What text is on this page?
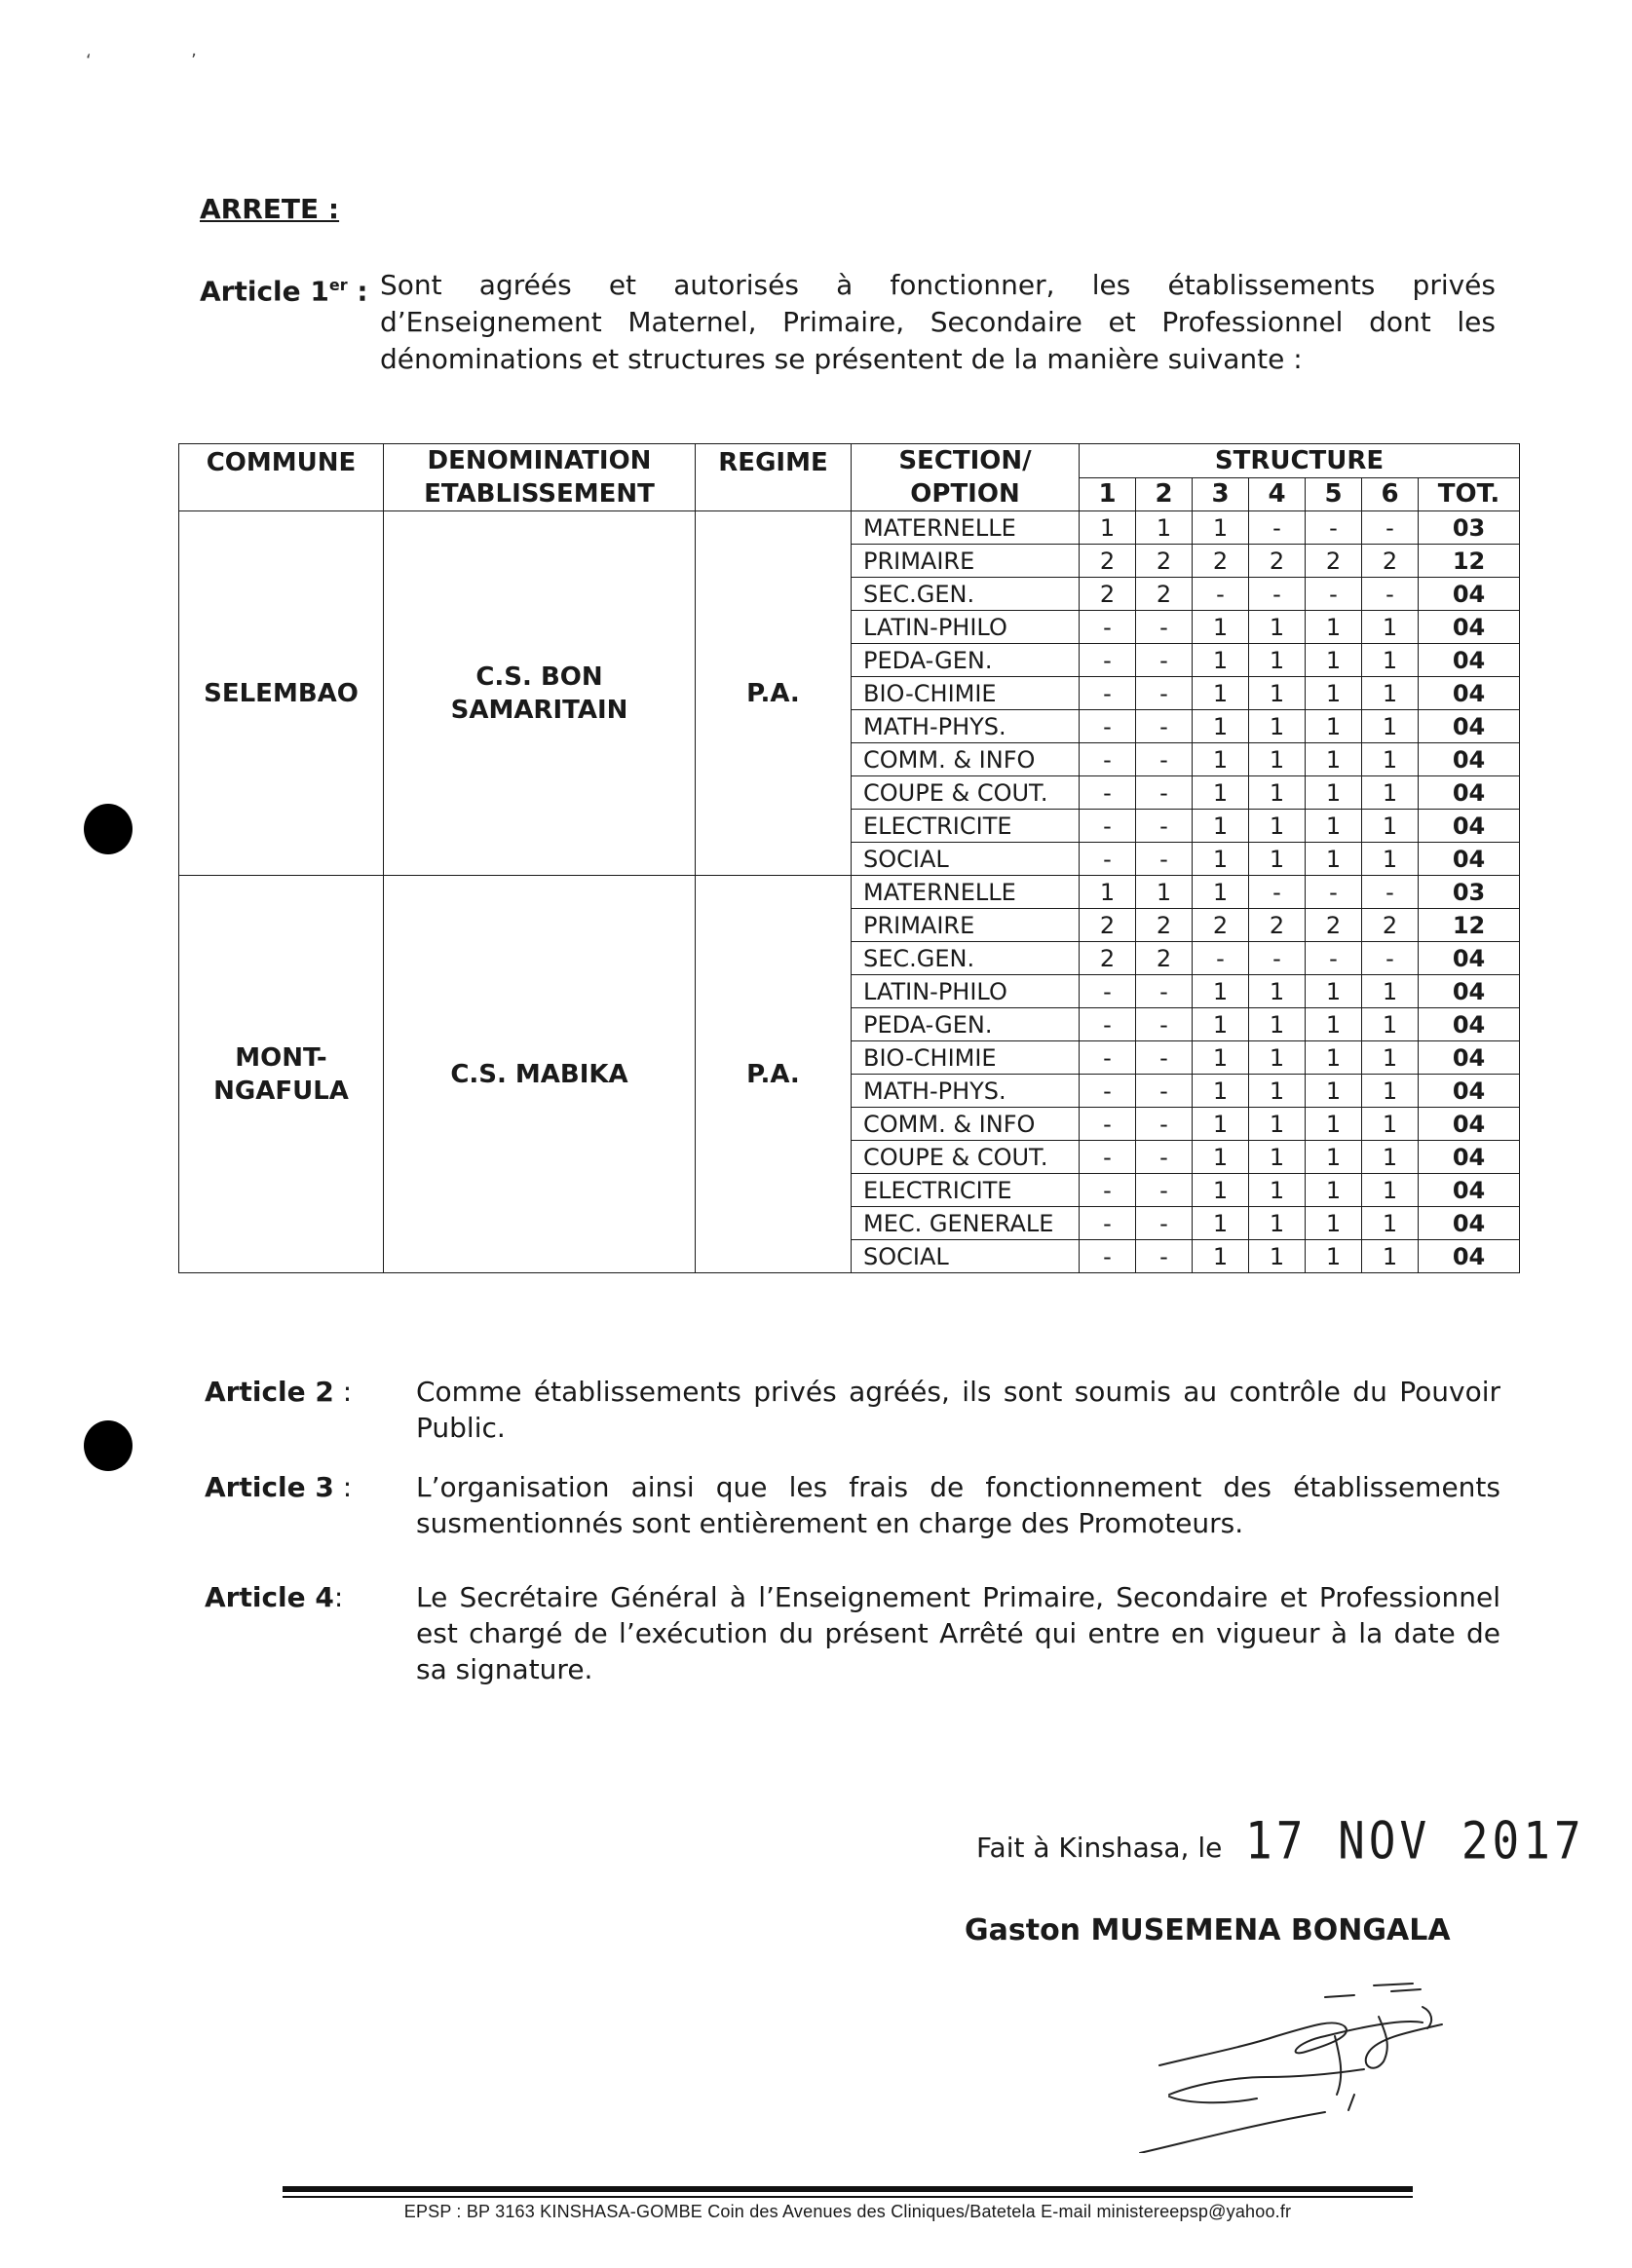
ʻ	ʼ
ARRETE :
Article 1er : Sont agréés et autorisés à fonctionner, les établissements privés d’Enseignement Maternel, Primaire, Secondaire et Professionnel dont les dénominations et structures se présentent de la manière suivante :
COMMUNE	DENOMINATION ETABLISSEMENT	REGIME	SECTION/ OPTION	STRUCTURE						
				1	2	3	4	5	6	TOT.
SELEMBAO	C.S. BON SAMARITAIN	P.A.	MATERNELLE	1	1	1	-	-	-	03
			PRIMAIRE	2	2	2	2	2	2	12
			SEC.GEN.	2	2	-	-	-	-	04
			LATIN-PHILO	-	-	1	1	1	1	04
			PEDA-GEN.	-	-	1	1	1	1	04
			BIO-CHIMIE	-	-	1	1	1	1	04
			MATH-PHYS.	-	-	1	1	1	1	04
			COMM. & INFO	-	-	1	1	1	1	04
			COUPE & COUT.	-	-	1	1	1	1	04
			ELECTRICITE	-	-	1	1	1	1	04
			SOCIAL	-	-	1	1	1	1	04
MONT-NGAFULA	C.S. MABIKA	P.A.	MATERNELLE	1	1	1	-	-	-	03
			PRIMAIRE	2	2	2	2	2	2	12
			SEC.GEN.	2	2	-	-	-	-	04
			LATIN-PHILO	-	-	1	1	1	1	04
			PEDA-GEN.	-	-	1	1	1	1	04
			BIO-CHIMIE	-	-	1	1	1	1	04
			MATH-PHYS.	-	-	1	1	1	1	04
			COMM. & INFO	-	-	1	1	1	1	04
			COUPE & COUT.	-	-	1	1	1	1	04
			ELECTRICITE	-	-	1	1	1	1	04
			MEC. GENERALE	-	-	1	1	1	1	04
			SOCIAL	-	-	1	1	1	1	04
Article 2 : Comme établissements privés agréés, ils sont soumis au contrôle du Pouvoir Public.
Article 3 : L’organisation ainsi que les frais de fonctionnement des établissements susmentionnés sont entièrement en charge des Promoteurs.
Article 4:	Le Secrétaire Général à l’Enseignement Primaire, Secondaire et Professionnel est chargé de l’exécution du présent Arrêté qui entre en vigueur à la date de sa signature.
Fait à Kinshasa, le 17 NOV 2017
Gaston MUSEMENA BONGALA
EPSP : BP 3163 KINSHASA-GOMBE Coin des Avenues des Cliniques/Batetela E-mail ministereepsp@yahoo.fr
